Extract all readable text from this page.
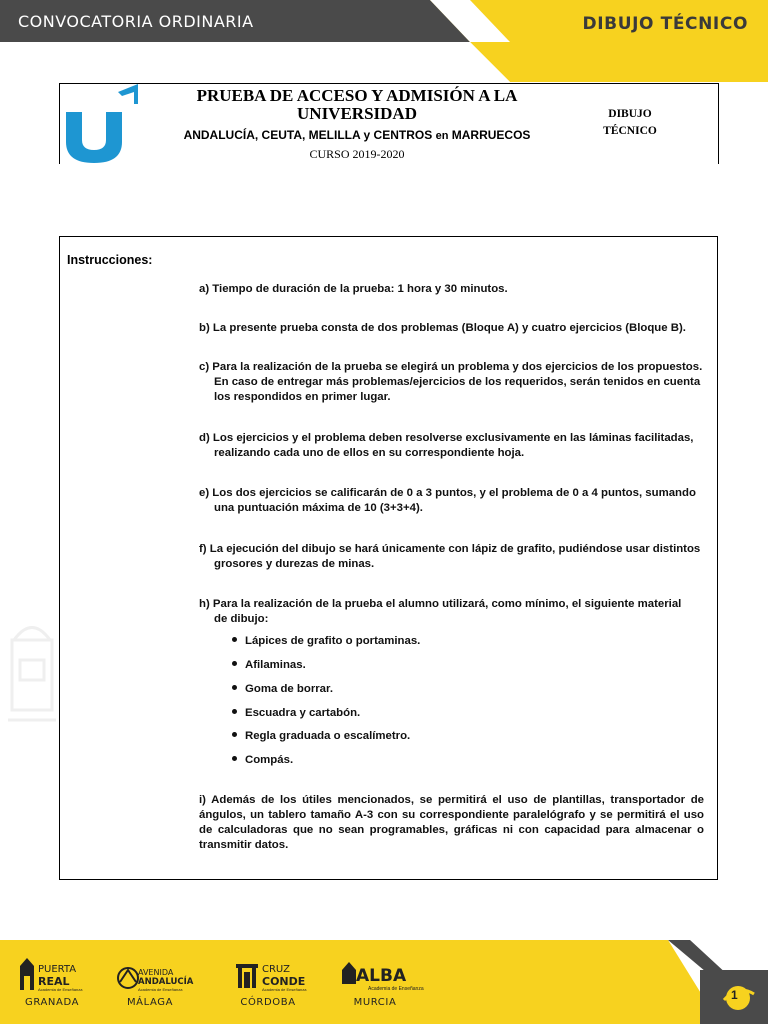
CONVOCATORIA ORDINARIA	DIBUJO TÉCNICO
PRUEBA DE ACCESO Y ADMISIÓN A LA
UNIVERSIDAD
ANDALUCÍA, CEUTA, MELILLA y CENTROS en MARRUECOS
CURSO 2019-2020
DIBUJO
TÉCNICO
Instrucciones:
a) Tiempo de duración de la prueba: 1 hora y 30 minutos.
b) La presente prueba consta de dos problemas (Bloque A) y cuatro ejercicios (Bloque B).
c) Para la realización de la prueba se elegirá un problema y dos ejercicios de los propuestos.
En caso de entregar más problemas/ejercicios de los requeridos, serán tenidos en cuenta
los respondidos en primer lugar.
d) Los ejercicios y el problema deben resolverse exclusivamente en las láminas facilitadas,
realizando cada uno de ellos en su correspondiente hoja.
e) Los dos ejercicios se calificarán de 0 a 3 puntos, y el problema de 0 a 4 puntos, sumando
una puntuación máxima de 10 (3+3+4).
f) La ejecución del dibujo se hará únicamente con lápiz de grafito, pudiéndose usar distintos
grosores y durezas de minas.
h) Para la realización de la prueba el alumno utilizará, como mínimo, el siguiente material
de dibujo:
Lápices de grafito o portaminas.
Afilaminas.
Goma de borrar.
Escuadra y cartabón.
Regla graduada o escalímetro.
Compás.
i) Además de los útiles mencionados, se permitirá el uso de plantillas, transportador de ángulos, un tablero tamaño A-3 con su correspondiente paralelógrafo y se permitirá el uso de calculadoras que no sean programables, gráficas ni con capacidad para almacenar o transmitir datos.
PUERTA
REAL
AVENIDA
ANDALUCÍA
CRUZ
CONDE	ALBA
Academia de Enseñanza	Academia de Enseñanza	Academia de Enseñanza	Academia de Enseñanza
GRANADA	MÁLAGA	CÓRDOBA	MURCIA
1
